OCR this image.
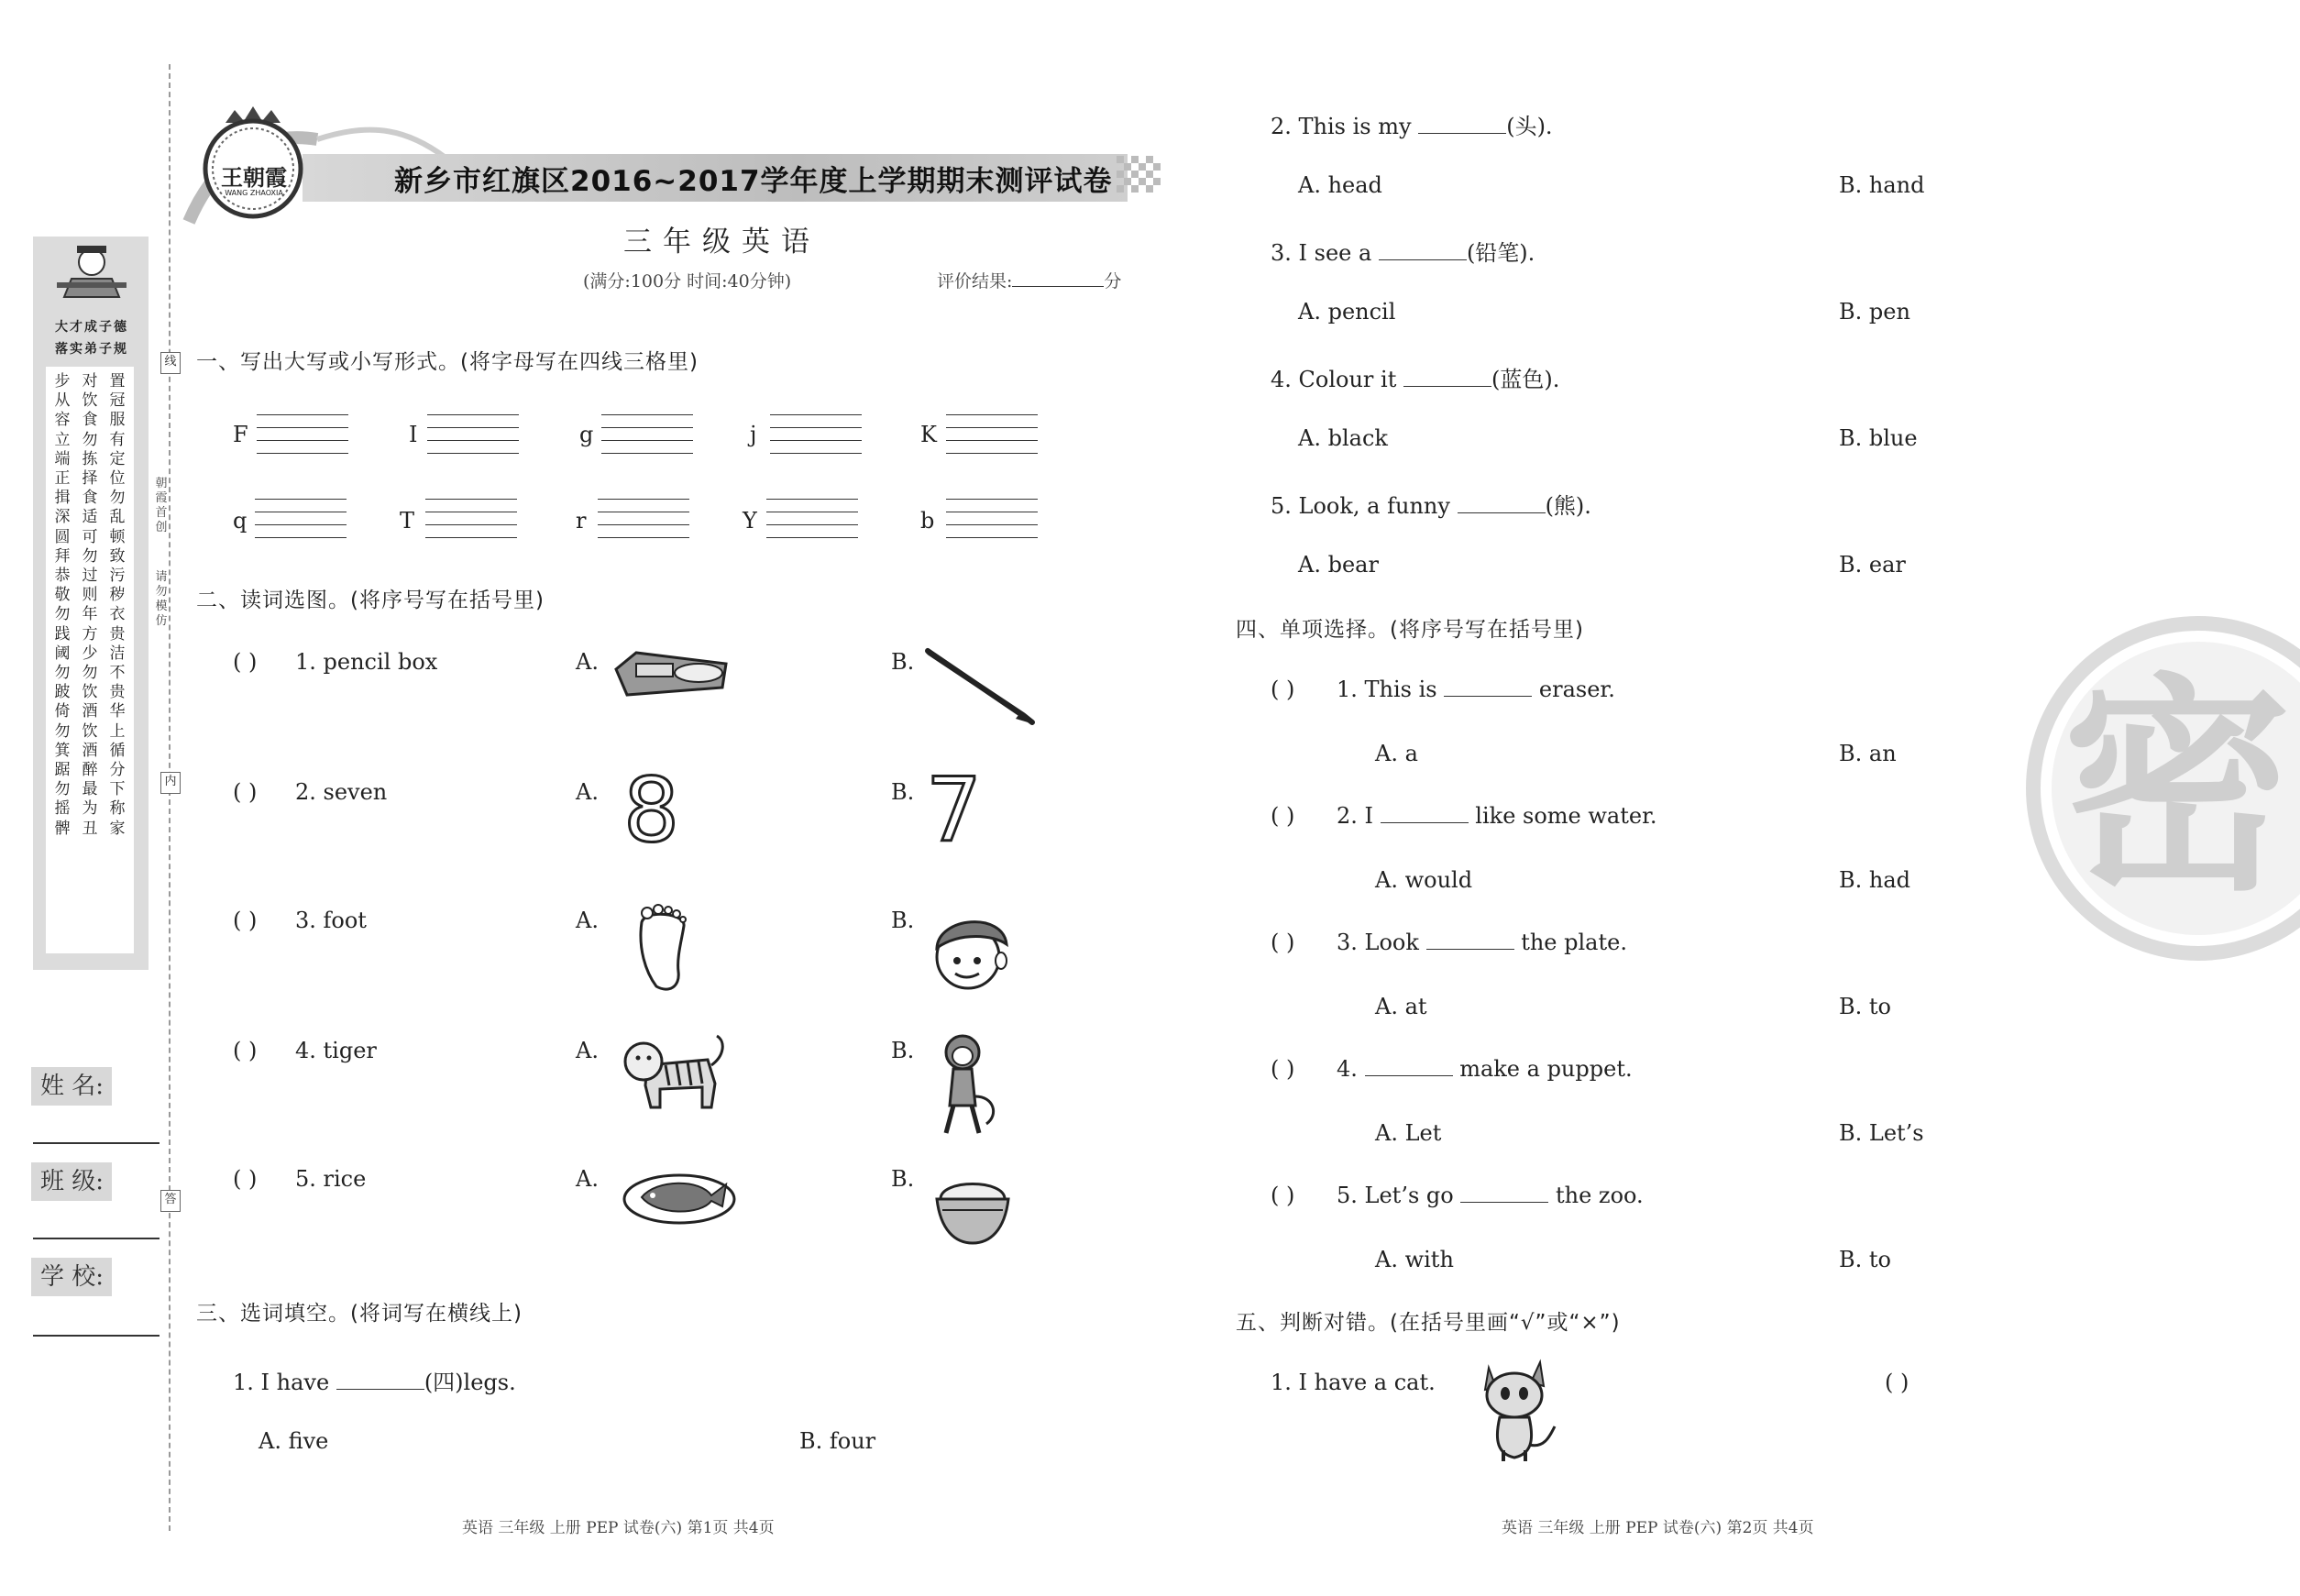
大才成子德
落实弟子规
步从容立端正揖深圆拜恭敬勿践阈勿跛倚勿箕踞勿摇髀
对饮食勿拣择食适可勿过则年方少勿饮酒饮酒醉最为丑
置冠服有定位勿乱顿致污秽衣贵洁不贵华上循分下称家
姓 名:
班 级:
学 校:
线
内
答
朝霞首创
请勿模仿
王朝霞
WANG ZHAOXIA	新乡市红旗区2016~2017学年度上学期期末测评试卷
三年级英语
(满分:100分 时间:40分钟)	评价结果:	分
一、写出大写或小写形式。(将字母写在四线三格里)
F	I	g	j	K
q	T	r	Y	b
二、读词选图。(将序号写在括号里)
( ) 1. pencil box	A.	B.
( ) 2. seven	A. 8	B. 7
( ) 3. foot	A.	B.
( ) 4. tiger	A.	B.
( ) 5. rice	A.	B.
三、选词填空。(将词写在横线上)
1. I have	(四)legs.
A. five	B. four
2. This is my	(头).
A. head	B. hand
3. I see a	(铅笔).
A. pencil	B. pen
4. Colour it	(蓝色).
A. black	B. blue
5. Look, a funny	(熊).
A. bear	B. ear
四、单项选择。(将序号写在括号里)
( ) 1. This is	eraser.
A. a	B. an
( ) 2. I	like some water.
A. would	B. had
( ) 3. Look	the plate.
A. at	B. to
( ) 4.	make a puppet.
A. Let	B. Let’s
( ) 5. Let’s go	the zoo.
A. with	B. to
五、判断对错。(在括号里画“√”或“×”)
1. I have a cat.	( )
密
英语 三年级 上册 PEP 试卷(六) 第1页 共4页	英语 三年级 上册 PEP 试卷(六) 第2页 共4页
